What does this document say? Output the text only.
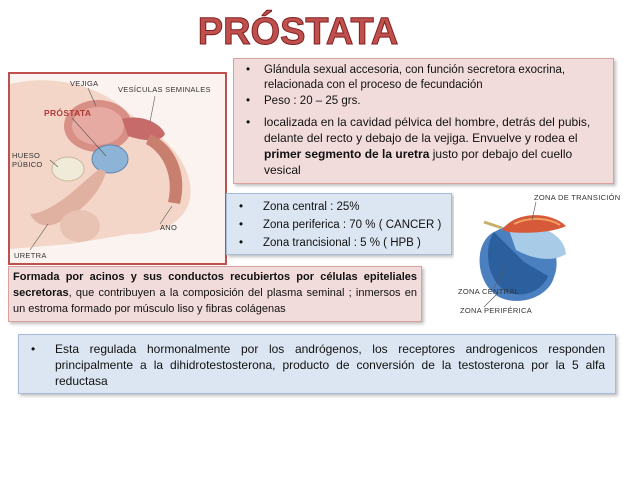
PRÓSTATA
VEJIGA
VESÍCULAS SEMINALES
PRÓSTATA
HUESO
PÚBICO
ANO
URETRA
• Glándula sexual accesoria, con función secretora exocrina, relacionada con el proceso de fecundación
• Peso : 20 – 25 grs.
• localizada en la cavidad pélvica del hombre, detrás del pubis, delante del recto y debajo de la vejiga. Envuelve y rodea el primer segmento de la uretra justo por debajo del cuello vesical
• Zona central : 25%
• Zona periferica : 70 % ( CANCER )
• Zona trancisional : 5 % ( HPB )
ZONA DE TRANSICIÓN
ZONA CENTRAL
ZONA PERIFÉRICA
Formada por acinos y sus conductos recubiertos por células epiteliales secretoras, que contribuyen a la composición del plasma seminal ; inmersos en un estroma formado por músculo liso y fibras colágenas
• Esta regulada hormonalmente por los andrógenos, los receptores androgenicos responden principalmente a la dihidrotestosterona, producto de conversión de la testosterona por la 5 alfa reductasa
